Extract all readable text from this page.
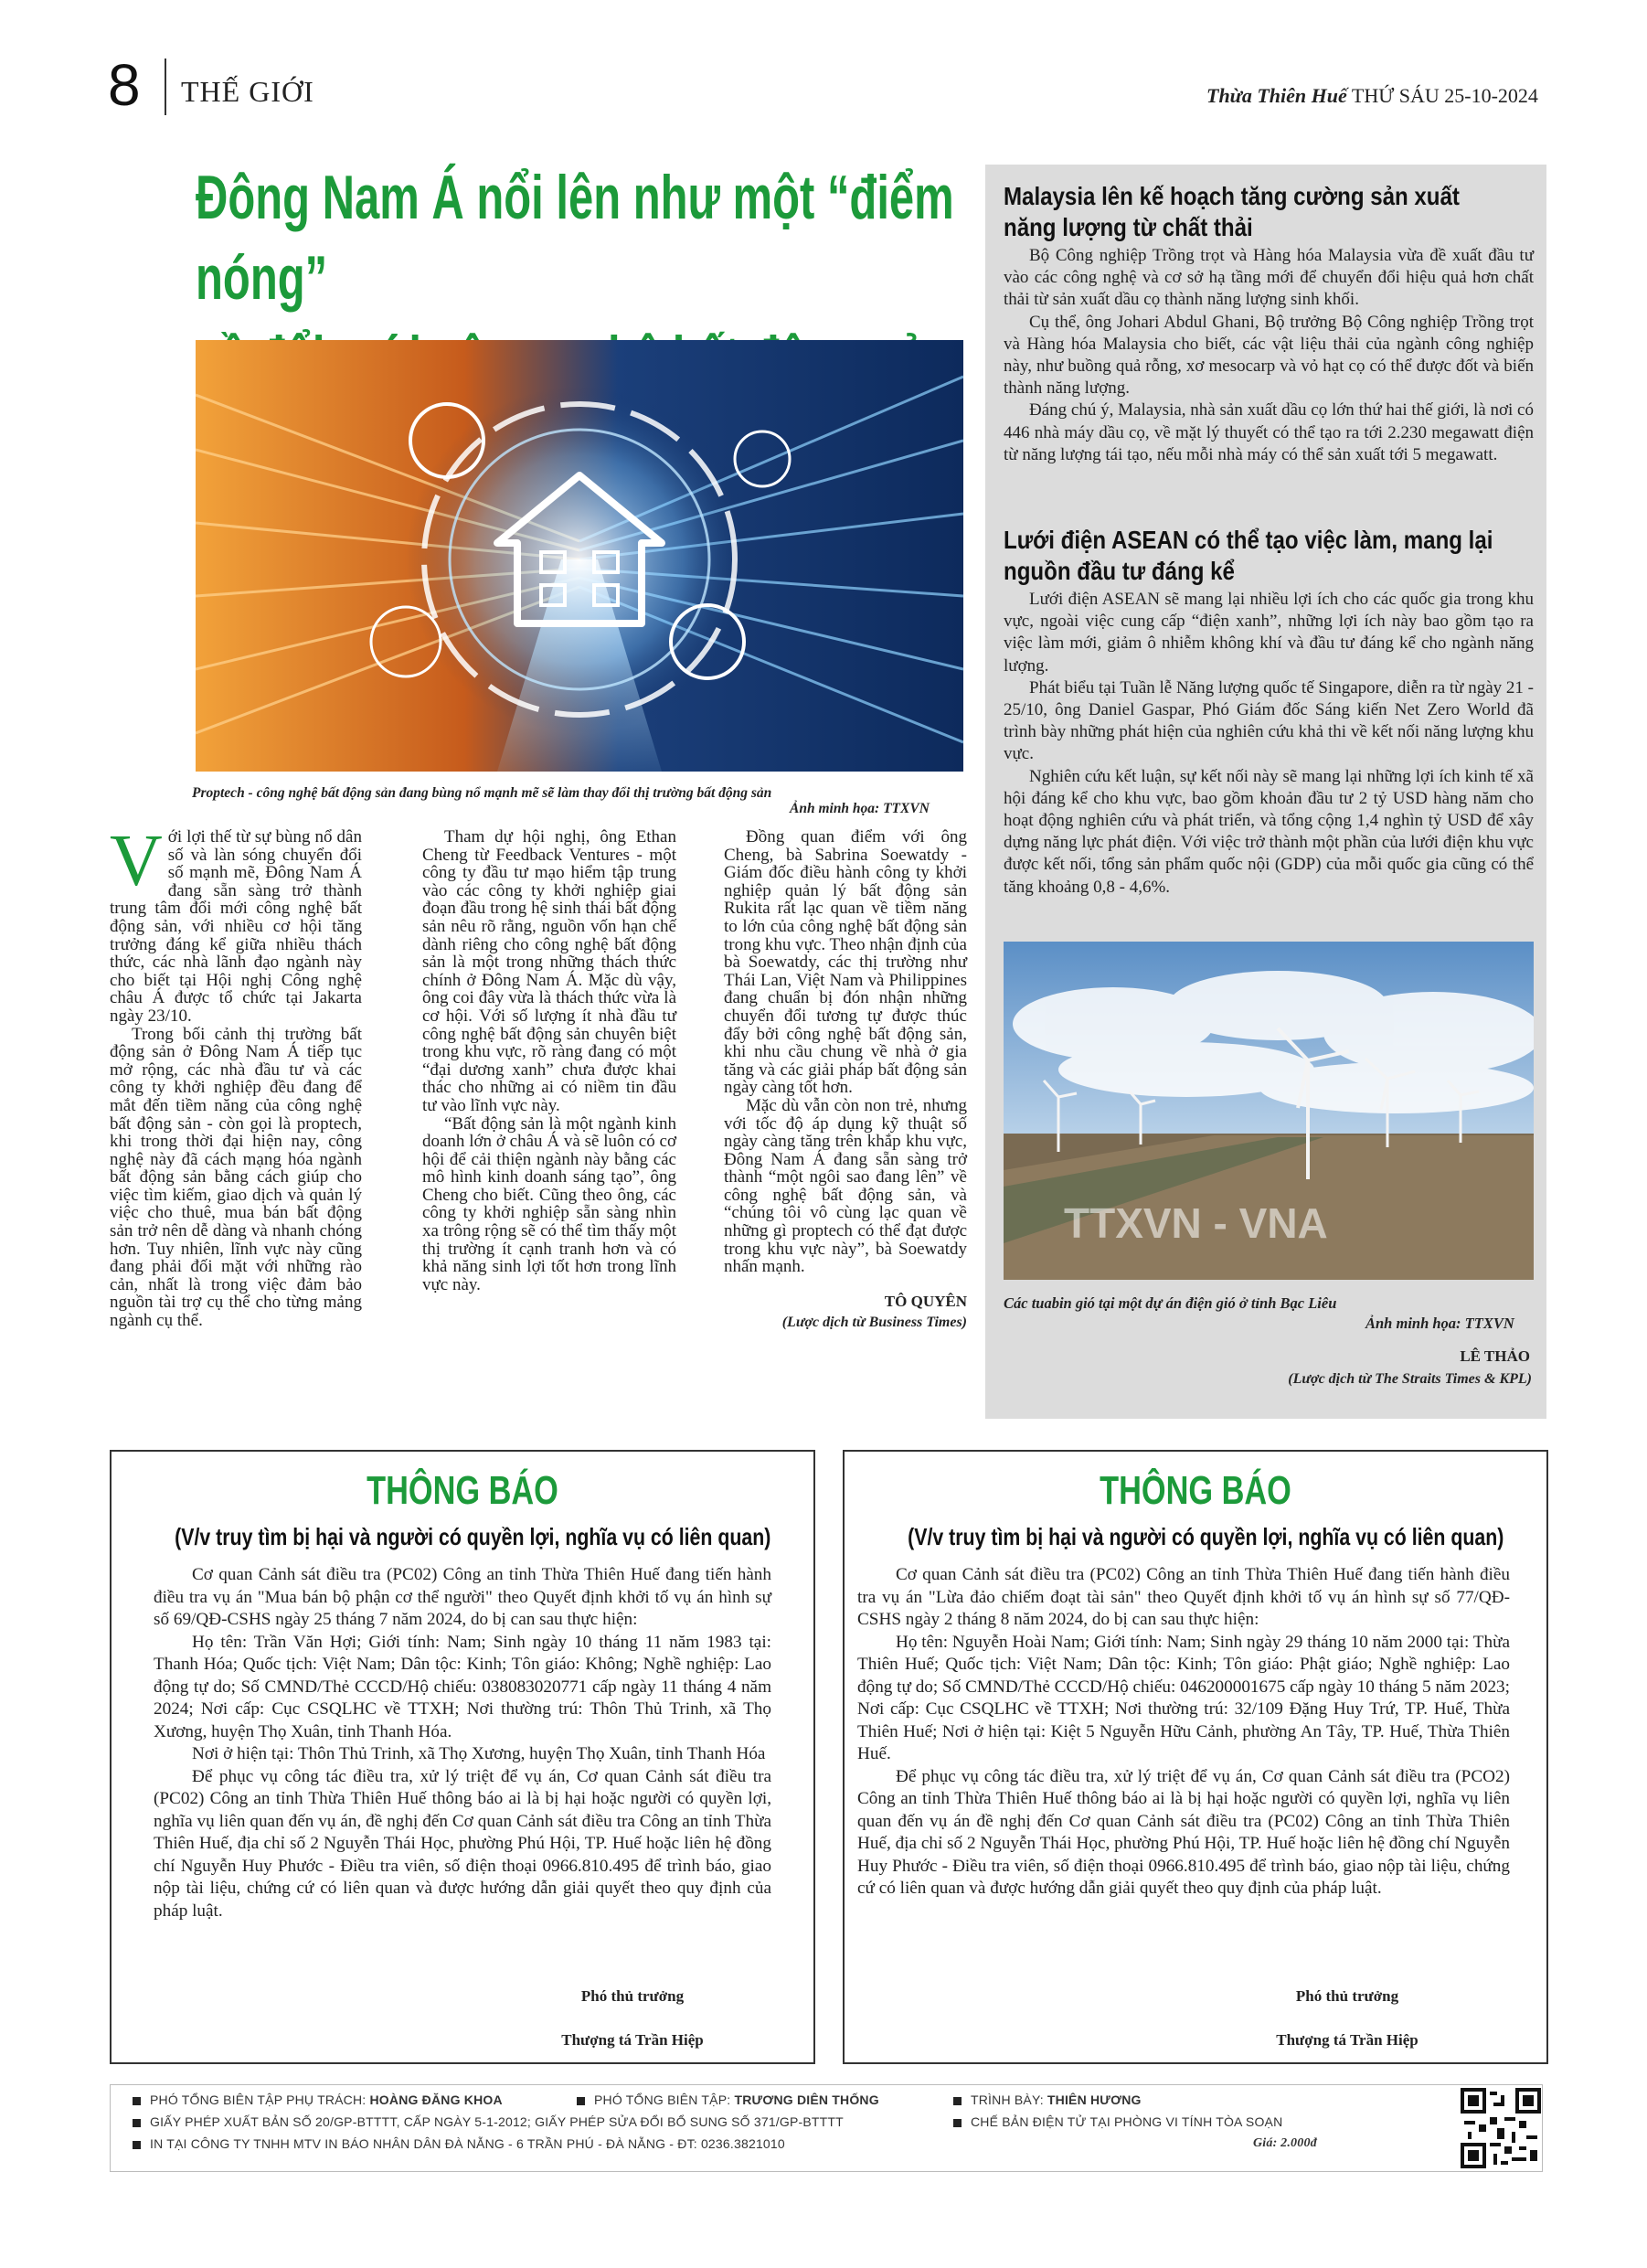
8 THẾ GIỚI	Thừa Thiên Huế THỨ SÁU 25-10-2024
Đông Nam Á nổi lên như một “điểm nóng”
Proptech - công nghệ bất động sản đang bùng nổ mạnh mẽ sẽ làm thay đổi thị trường bất động sản
Ảnh minh họa: TTXVN

Với lợi thế từ sự bùng nổ dân số và làn sóng chuyển đổi số mạnh mẽ, Đông Nam Á đang sẵn sàng trở thành trung tâm đổi mới công nghệ bất động sản, với nhiều cơ hội tăng trưởng đáng kể giữa nhiều thách thức, các nhà lãnh đạo ngành này cho biết tại Hội nghị Công nghệ châu Á được tổ chức tại Jakarta ngày 23/10.

Trong bối cảnh thị trường bất động sản ở Đông Nam Á tiếp tục mở rộng, các nhà đầu tư và các công ty khởi nghiệp đều đang để mắt đến tiềm năng của công nghệ bất động sản - còn gọi là proptech, khi trong thời đại hiện nay, công nghệ này đã cách mạng hóa ngành bất động sản bằng cách giúp cho việc tìm kiếm, giao dịch và quản lý việc cho thuê, mua bán bất động sản trở nên dễ dàng và nhanh chóng hơn. Tuy nhiên, lĩnh vực này cũng đang phải đối mặt với những rào cản, nhất là trong việc đảm bảo nguồn tài trợ cụ thể cho từng mảng ngành cụ thể.

Tham dự hội nghị, ông Ethan Cheng từ Feedback Ventures - một công ty đầu tư mạo hiểm tập trung vào các công ty khởi nghiệp giai đoạn đầu trong hệ sinh thái bất động sản nêu rõ rằng, nguồn vốn hạn chế dành riêng cho công nghệ bất động sản là một trong những thách thức chính ở Đông Nam Á. Mặc dù vậy, ông coi đây vừa là thách thức vừa là cơ hội. Với số lượng ít nhà đầu tư công nghệ bất động sản chuyên biệt trong khu vực, rõ ràng đang có một “đại dương xanh” chưa được khai thác cho những ai có niềm tin đầu tư vào lĩnh vực này.

“Bất động sản là một ngành kinh doanh lớn ở châu Á và sẽ luôn có cơ hội để cải thiện ngành này bằng các mô hình kinh doanh sáng tạo”, ông Cheng cho biết. Cũng theo ông, các công ty khởi nghiệp sẵn sàng nhìn xa trông rộng sẽ có thể tìm thấy một thị trường ít cạnh tranh hơn và có khả năng sinh lợi tốt hơn trong lĩnh vực này.

Đồng quan điểm với ông Cheng, bà Sabrina Soewatdy - Giám đốc điều hành công ty khởi nghiệp quản lý bất động sản Rukita rất lạc quan về tiềm năng to lớn của công nghệ bất động sản trong khu vực. Theo nhận định của bà Soewatdy, các thị trường như Thái Lan, Việt Nam và Philippines đang chuẩn bị đón nhận những chuyển đổi tương tự được thúc đẩy bởi công nghệ bất động sản, khi nhu cầu chung về nhà ở gia tăng và các giải pháp bất động sản ngày càng tốt hơn.

Mặc dù vẫn còn non trẻ, nhưng với tốc độ áp dụng kỹ thuật số ngày càng tăng trên khắp khu vực, Đông Nam Á đang sẵn sàng trở thành “một ngôi sao đang lên” về công nghệ bất động sản, và “chúng tôi vô cùng lạc quan về những gì proptech có thể đạt được trong khu vực này”, bà Soewatdy nhấn mạnh.

TÔ QUYÊN
(Lược dịch từ Business Times)
Malaysia lên kế hoạch tăng cường sản xuất năng lượng từ chất thải

Bộ Công nghiệp Trồng trọt và Hàng hóa Malaysia vừa đề xuất đầu tư vào các công nghệ và cơ sở hạ tầng mới để chuyển đổi hiệu quả hơn chất thải từ sản xuất dầu cọ thành năng lượng sinh khối.

Cụ thể, ông Johari Abdul Ghani, Bộ trưởng Bộ Công nghiệp Trồng trọt và Hàng hóa Malaysia cho biết, các vật liệu thải của ngành công nghiệp này, như buồng quả rỗng, xơ mesocarp và vỏ hạt cọ có thể được đốt và biến thành năng lượng.

Đáng chú ý, Malaysia, nhà sản xuất dầu cọ lớn thứ hai thế giới, là nơi có 446 nhà máy dầu cọ, về mặt lý thuyết có thể tạo ra tới 2.230 megawatt điện từ năng lượng tái tạo, nếu mỗi nhà máy có thể sản xuất tới 5 megawatt.

Lưới điện ASEAN có thể tạo việc làm, mang lại nguồn đầu tư đáng kể

Lưới điện ASEAN sẽ mang lại nhiều lợi ích cho các quốc gia trong khu vực, ngoài việc cung cấp “điện xanh”, những lợi ích này bao gồm tạo ra việc làm mới, giảm ô nhiễm không khí và đầu tư đáng kể cho ngành năng lượng.

Phát biểu tại Tuần lễ Năng lượng quốc tế Singapore, diễn ra từ ngày 21 - 25/10, ông Daniel Gaspar, Phó Giám đốc Sáng kiến Net Zero World đã trình bày những phát hiện của nghiên cứu khả thi về kết nối năng lượng khu vực.

Nghiên cứu kết luận, sự kết nối này sẽ mang lại những lợi ích kinh tế xã hội đáng kể cho khu vực, bao gồm khoản đầu tư 2 tỷ USD hàng năm cho hoạt động nghiên cứu và phát triển, và tổng cộng 1,4 nghìn tỷ USD để xây dựng năng lực phát điện. Với việc trở thành một phần của lưới điện khu vực được kết nối, tổng sản phẩm quốc nội (GDP) của mỗi quốc gia cũng có thể tăng khoảng 0,8 - 4,6%.

TTXVN - VNA
Các tuabin gió tại một dự án điện gió ở tỉnh Bạc Liêu
Ảnh minh họa: TTXVN
LÊ THẢO
(Lược dịch từ The Straits Times & KPL)
THÔNG BÁO
(V/v truy tìm bị hại và người có quyền lợi, nghĩa vụ có liên quan)

Cơ quan Cảnh sát điều tra (PC02) Công an tỉnh Thừa Thiên Huế đang tiến hành điều tra vụ án "Mua bán bộ phận cơ thể người" theo Quyết định khởi tố vụ án hình sự số 69/QĐ-CSHS ngày 25 tháng 7 năm 2024, do bị can sau thực hiện:

Họ tên: Trần Văn Hợi; Giới tính: Nam; Sinh ngày 10 tháng 11 năm 1983 tại: Thanh Hóa; Quốc tịch: Việt Nam; Dân tộc: Kinh; Tôn giáo: Không; Nghề nghiệp: Lao động tự do; Số CMND/Thẻ CCCD/Hộ chiếu: 038083020771 cấp ngày 11 tháng 4 năm 2024; Nơi cấp: Cục CSQLHC về TTXH; Nơi thường trú: Thôn Thủ Trinh, xã Thọ Xương, huyện Thọ Xuân, tỉnh Thanh Hóa.

Nơi ở hiện tại: Thôn Thủ Trinh, xã Thọ Xương, huyện Thọ Xuân, tỉnh Thanh Hóa

Để phục vụ công tác điều tra, xử lý triệt để vụ án, Cơ quan Cảnh sát điều tra (PC02) Công an tỉnh Thừa Thiên Huế thông báo ai là bị hại hoặc người có quyền lợi, nghĩa vụ liên quan đến vụ án, đề nghị đến Cơ quan Cảnh sát điều tra Công an tỉnh Thừa Thiên Huế, địa chỉ số 2 Nguyễn Thái Học, phường Phú Hội, TP. Huế hoặc liên hệ đồng chí Nguyễn Huy Phước - Điều tra viên, số điện thoại 0966.810.495 để trình báo, giao nộp tài liệu, chứng cứ có liên quan và được hướng dẫn giải quyết theo quy định của pháp luật.

Phó thủ trưởng
Thượng tá Trần Hiệp
THÔNG BÁO
(V/v truy tìm bị hại và người có quyền lợi, nghĩa vụ có liên quan)

Cơ quan Cảnh sát điều tra (PC02) Công an tỉnh Thừa Thiên Huế đang tiến hành điều tra vụ án "Lừa đảo chiếm đoạt tài sản" theo Quyết định khởi tố vụ án hình sự số 77/QĐ-CSHS ngày 2 tháng 8 năm 2024, do bị can sau thực hiện:

Họ tên: Nguyễn Hoài Nam; Giới tính: Nam; Sinh ngày 29 tháng 10 năm 2000 tại: Thừa Thiên Huế; Quốc tịch: Việt Nam; Dân tộc: Kinh; Tôn giáo: Phật giáo; Nghề nghiệp: Lao động tự do; Số CMND/Thẻ CCCD/Hộ chiếu: 046200001675 cấp ngày 10 tháng 5 năm 2023; Nơi cấp: Cục CSQLHC về TTXH; Nơi thường trú: 32/109 Đặng Huy Trứ, TP. Huế, Thừa Thiên Huế; Nơi ở hiện tại: Kiệt 5 Nguyễn Hữu Cảnh, phường An Tây, TP. Huế, Thừa Thiên Huế.

Để phục vụ công tác điều tra, xử lý triệt để vụ án, Cơ quan Cảnh sát điều tra (PCO2) Công an tỉnh Thừa Thiên Huế thông báo ai là bị hại hoặc người có quyền lợi, nghĩa vụ liên quan đến vụ án đề nghị đến Cơ quan Cảnh sát điều tra (PC02) Công an tỉnh Thừa Thiên Huế, địa chỉ số 2 Nguyễn Thái Học, phường Phú Hội, TP. Huế hoặc liên hệ đồng chí Nguyễn Huy Phước - Điều tra viên, số điện thoại 0966.810.495 để trình báo, giao nộp tài liệu, chứng cứ có liên quan và được hướng dẫn giải quyết theo quy định của pháp luật.

Phó thủ trưởng
Thượng tá Trần Hiệp
PHÓ TỔNG BIÊN TẬP PHỤ TRÁCH: HOÀNG ĐĂNG KHOA	PHÓ TỔNG BIÊN TẬP: TRƯƠNG DIÊN THỐNG	TRÌNH BÀY: THIÊN HƯƠNG
GIẤY PHÉP XUẤT BẢN SỐ 20/GP-BTTTT, CẤP NGÀY 5-1-2012; GIẤY PHÉP SỬA ĐỔI BỔ SUNG SỐ 371/GP-BTTTT	CHẾ BẢN ĐIỆN TỬ TẠI PHÒNG VI TÍNH TÒA SOẠN
IN TẠI CÔNG TY TNHH MTV IN BÁO NHÂN DÂN ĐÀ NẴNG - 6 TRẦN PHÚ - ĐÀ NẴNG - ĐT: 0236.3821010	Giá: 2.000đ
